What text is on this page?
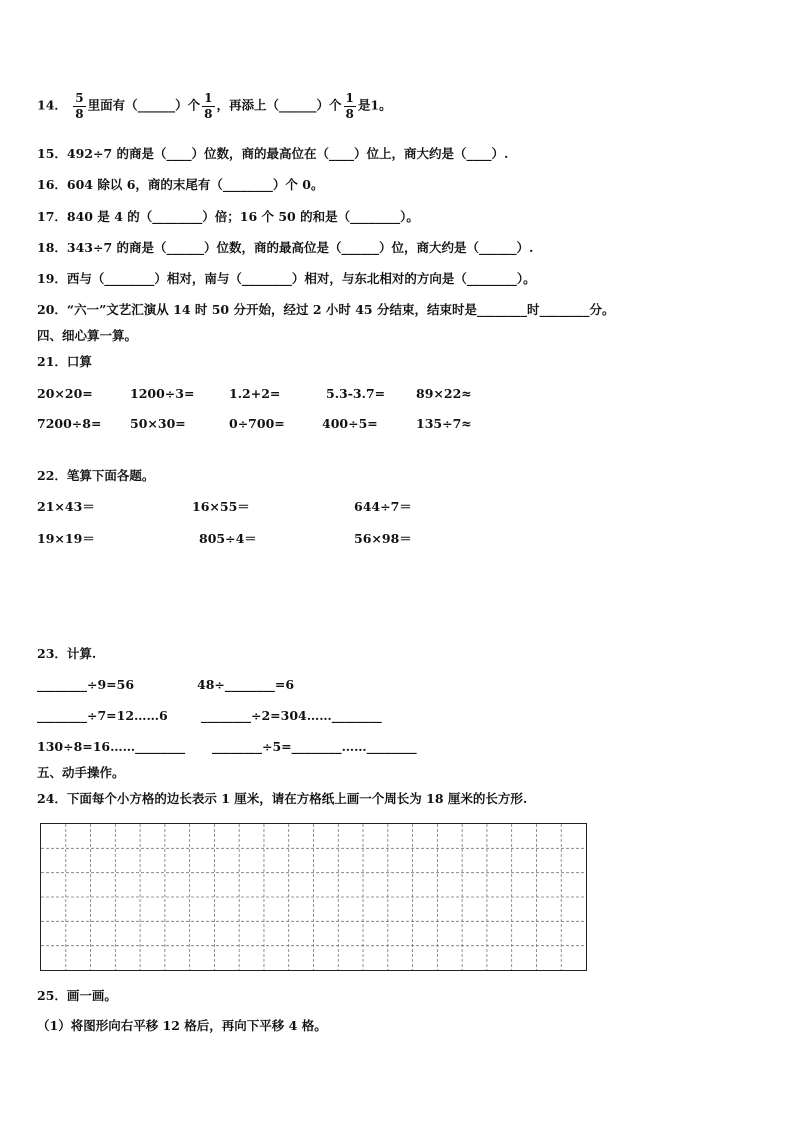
14． $\frac{5}{8}$ 里面有（______）个 $\frac{1}{8}$ ，再添上（______）个 $\frac{1}{8}$ 是1。
15．492÷7 的商是（____）位数，商的最高位在（____）位上，商大约是（____）.
16．604 除以 6，商的末尾有（________）个 0。
17．840 是 4 的（________）倍；16 个 50 的和是（________）。
18．343÷7 的商是（______）位数，商的最高位是（______）位，商大约是（______）.
19．西与（________）相对，南与（________）相对，与东北相对的方向是（________）。
20．“六一”文艺汇演从 14 时 50 分开始，经过 2 小时 45 分结束，结束时是________时________分。
四、细心算一算。
21．口算
20×20=	1200÷3=	1.2+2=	5.3-3.7= 89×22≈
7200÷8= 50×30=	0÷700=	400÷5=	135÷7≈
22．笔算下面各题。
21×43＝	16×55＝	644÷7＝
19×19＝	805÷4＝	56×98＝
23．计算.
________÷9=56	48÷________=6
________÷7=12……6	________÷2=304……________
130÷8=16……________ ________÷5=________……________
五、动手操作。
24．下面每个小方格的边长表示 1 厘米，请在方格纸上画一个周长为 18 厘米的长方形.
25．画一画。
（1）将图形向右平移 12 格后，再向下平移 4 格。
